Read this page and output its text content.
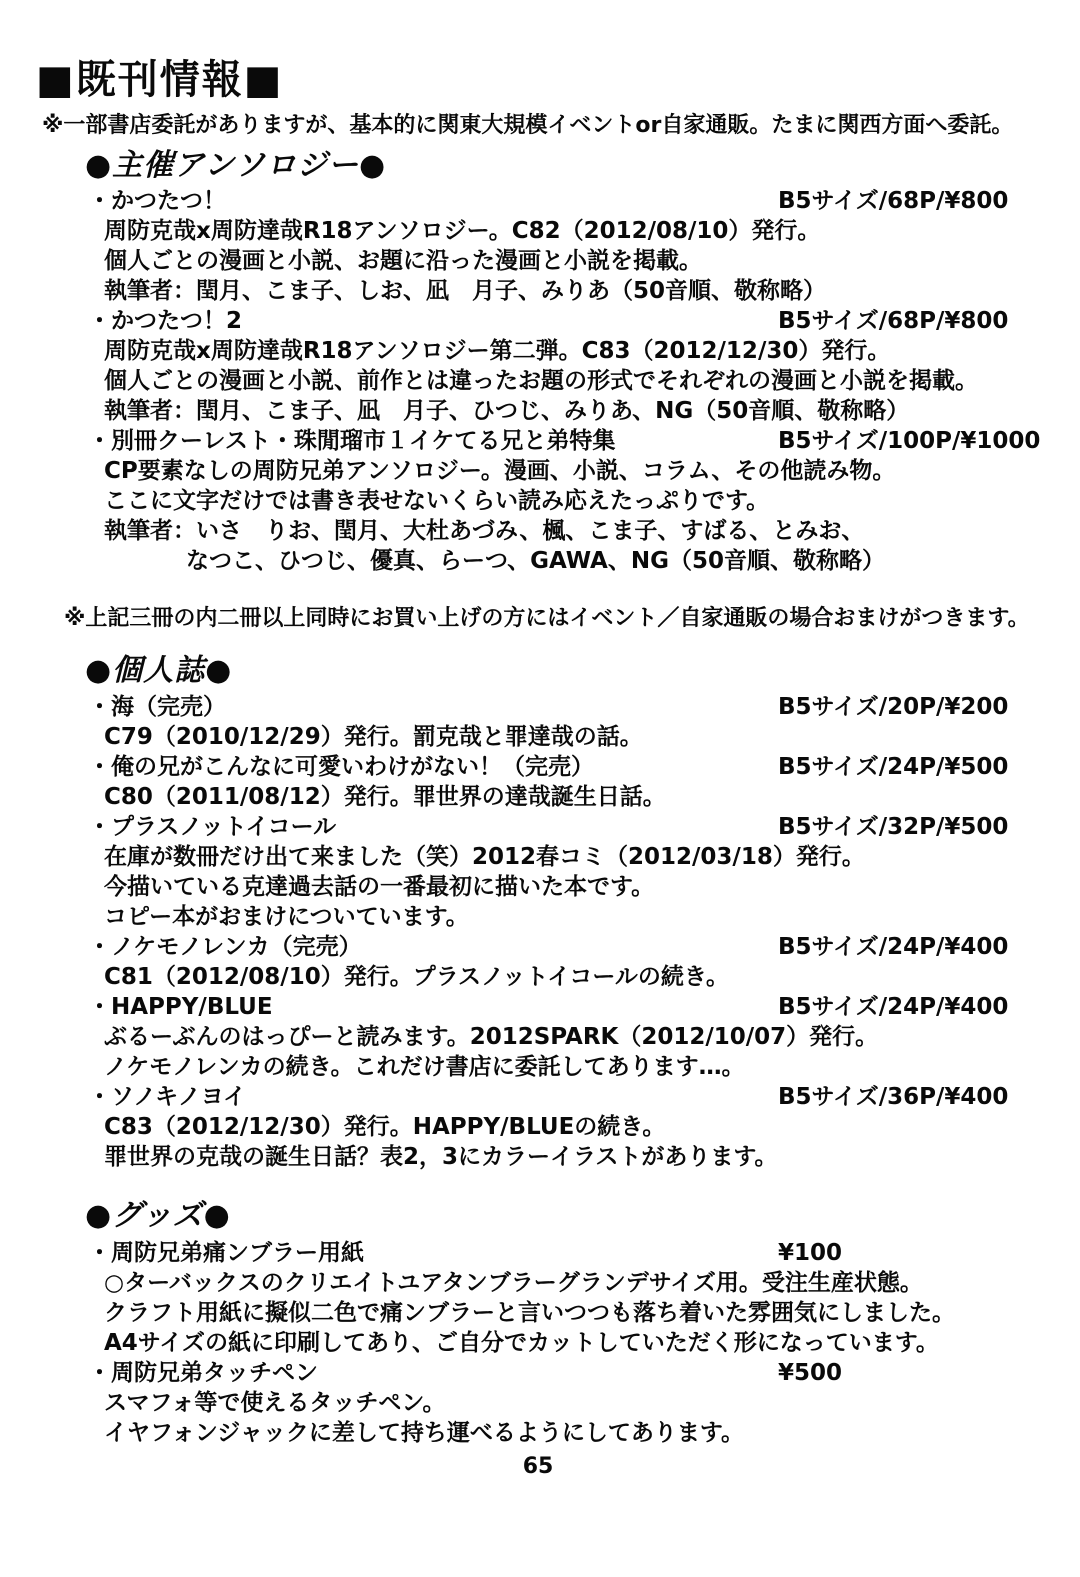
■既刊情報■
※一部書店委託がありますが、基本的に関東大規模イベントor自家通販。たまに関西方面へ委託。
●主催アンソロジー●
・かつたつ！	B5サイズ/68P/¥800
周防克哉x周防達哉R18アンソロジー。C82（2012/08/10）発行。
個人ごとの漫画と小説、お題に沿った漫画と小説を掲載。
執筆者：閏月、こま子、しお、凪　月子、みりあ（50音順、敬称略）
・かつたつ！2	B5サイズ/68P/¥800
周防克哉x周防達哉R18アンソロジー第二弾。C83（2012/12/30）発行。
個人ごとの漫画と小説、前作とは違ったお題の形式でそれぞれの漫画と小説を掲載。
執筆者：閏月、こま子、凪　月子、ひつじ、みりあ、NG（50音順、敬称略）
・別冊クーレスト・珠閒瑠市１イケてる兄と弟特集	B5サイズ/100P/¥1000
CP要素なしの周防兄弟アンソロジー。漫画、小説、コラム、その他読み物。
ここに文字だけでは書き表せないくらい読み応えたっぷりです。
執筆者：いさ　りお、閏月、大杜あづみ、楓、こま子、すばる、とみお、
なつこ、ひつじ、優真、らーつ、GAWA、NG（50音順、敬称略）
※上記三冊の内二冊以上同時にお買い上げの方にはイベント／自家通販の場合おまけがつきます。
●個人誌●
・海（完売）	B5サイズ/20P/¥200
C79（2010/12/29）発行。罰克哉と罪達哉の話。
・俺の兄がこんなに可愛いわけがない！（完売）	B5サイズ/24P/¥500
C80（2011/08/12）発行。罪世界の達哉誕生日話。
・プラスノットイコール	B5サイズ/32P/¥500
在庫が数冊だけ出て来ました（笑）2012春コミ（2012/03/18）発行。
今描いている克達過去話の一番最初に描いた本です。
コピー本がおまけについています。
・ノケモノレンカ（完売）	B5サイズ/24P/¥400
C81（2012/08/10）発行。プラスノットイコールの続き。
・HAPPY/BLUE	B5サイズ/24P/¥400
ぶるーぶんのはっぴーと読みます。2012SPARK（2012/10/07）発行。
ノケモノレンカの続き。これだけ書店に委託してあります…。
・ソノキノヨイ	B5サイズ/36P/¥400
C83（2012/12/30）発行。HAPPY/BLUEの続き。
罪世界の克哉の誕生日話？表2，3にカラーイラストがあります。
●グッズ●
・周防兄弟痛ンブラー用紙	¥100
○ターバックスのクリエイトユアタンブラーグランデサイズ用。受注生産状態。
クラフト用紙に擬似二色で痛ンブラーと言いつつも落ち着いた雰囲気にしました。
A4サイズの紙に印刷してあり、ご自分でカットしていただく形になっています。
・周防兄弟タッチペン	¥500
スマフォ等で使えるタッチペン。
イヤフォンジャックに差して持ち運べるようにしてあります。
65
